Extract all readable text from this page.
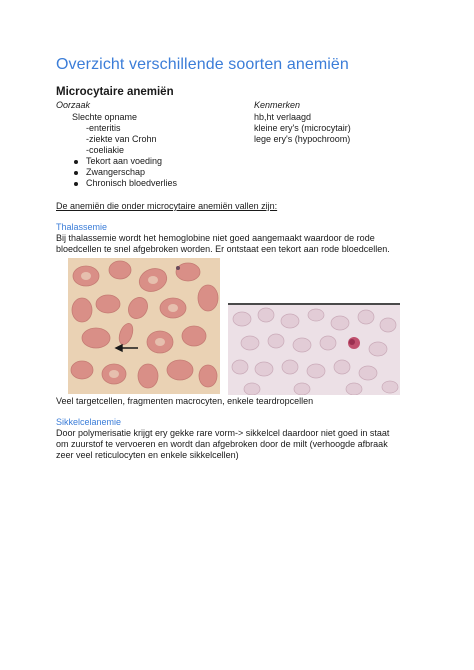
Overzicht verschillende soorten anemiën
Microcytaire anemiën
Oorzaak	Kenmerken
Slechte opname
-enteritis
-ziekte van Crohn
-coeliakie
hb,ht verlaagd
kleine ery's (microcytair)
lege ery's (hypochroom)
Tekort aan voeding
Zwangerschap
Chronisch bloedverlies
De anemiën die onder microcytaire anemiën vallen zijn:
Thalassemie
Bij thalassemie wordt het hemoglobine niet goed aangemaakt waardoor de rode
bloedcellen te snel afgebroken worden. Er ontstaat een tekort aan rode bloedcellen.
Veel targetcellen, fragmenten macrocyten, enkele teardropcellen
Sikkelcelanemie
Door polymerisatie krijgt ery gekke rare vorm-> sikkelcel daardoor niet goed in staat
om zuurstof te vervoeren en wordt dan afgebroken door de milt (verhoogde afbraak
zeer veel reticulocyten en enkele sikkelcellen)
